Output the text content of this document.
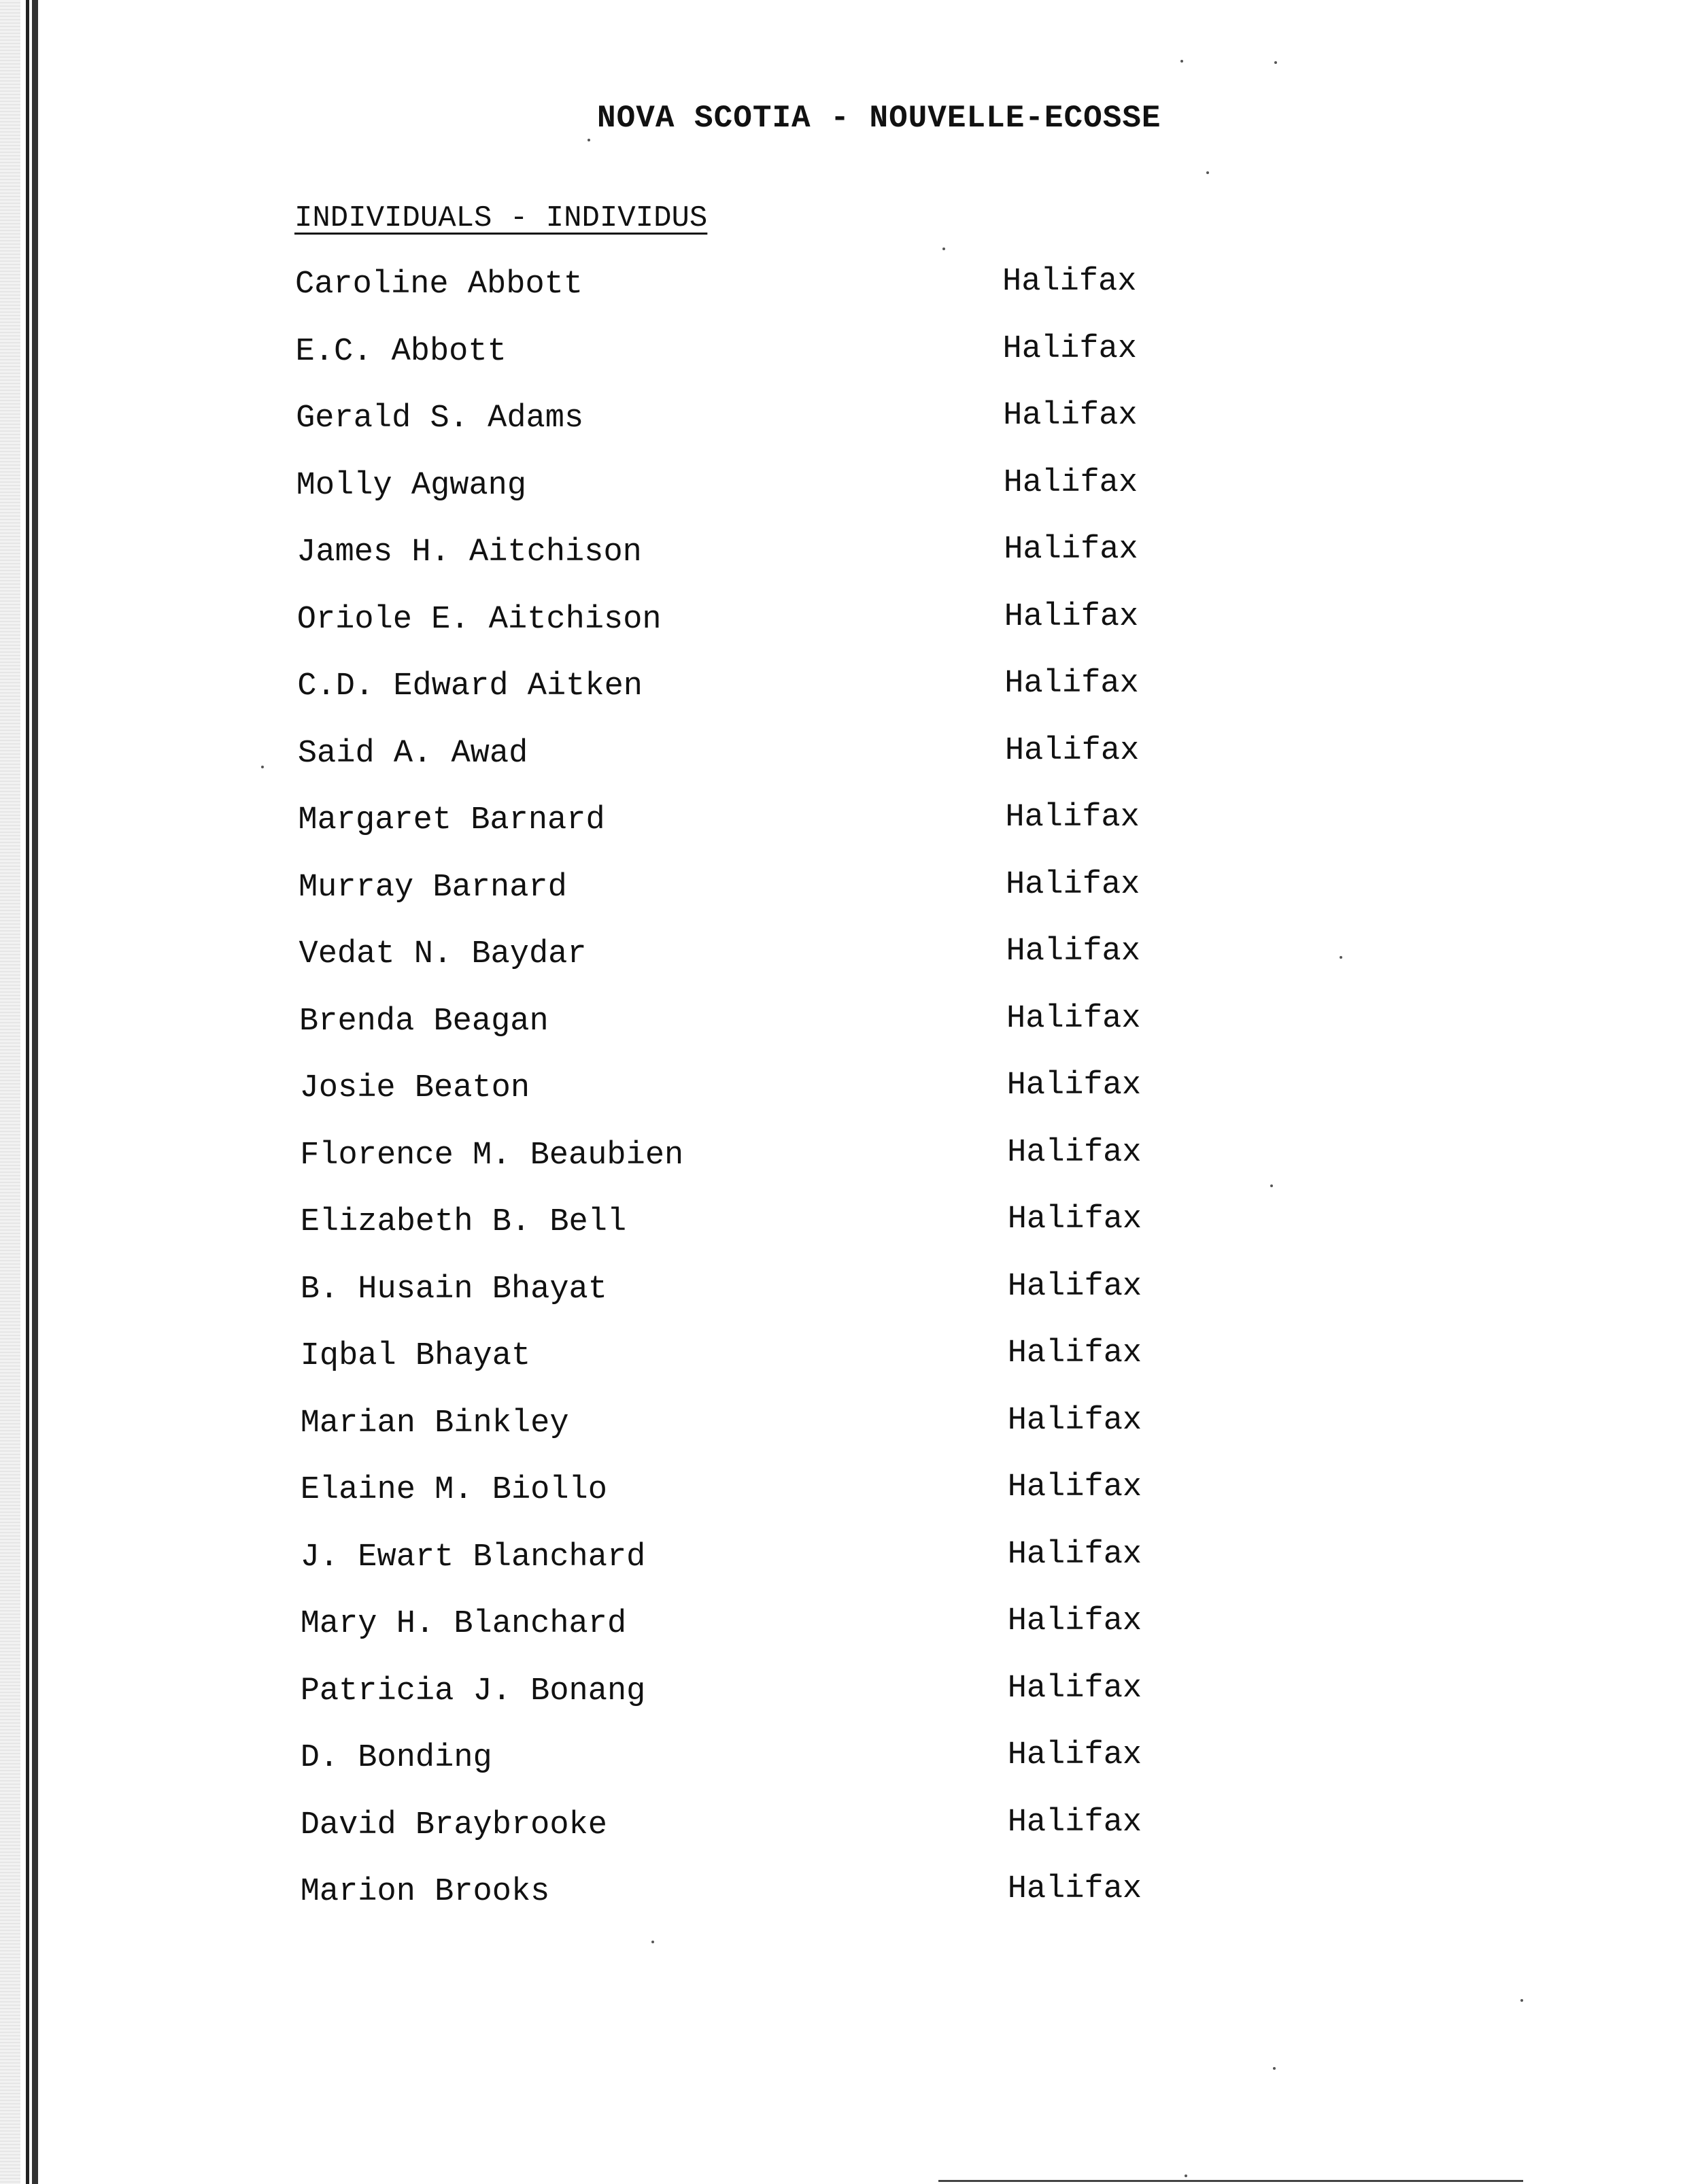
NOVA SCOTIA - NOUVELLE-ECOSSE
INDIVIDUALS - INDIVIDUS
Caroline Abbott	Halifax
E.C. Abbott	Halifax
Gerald S. Adams	Halifax
Molly Agwang	Halifax
James H. Aitchison	Halifax
Oriole E. Aitchison	Halifax
C.D. Edward Aitken	Halifax
Said A. Awad	Halifax
Margaret Barnard	Halifax
Murray Barnard	Halifax
Vedat N. Baydar	Halifax
Brenda Beagan	Halifax
Josie Beaton	Halifax
Florence M. Beaubien	Halifax
Elizabeth B. Bell	Halifax
B. Husain Bhayat	Halifax
Iqbal Bhayat	Halifax
Marian Binkley	Halifax
Elaine M. Biollo	Halifax
J. Ewart Blanchard	Halifax
Mary H. Blanchard	Halifax
Patricia J. Bonang	Halifax
D. Bonding	Halifax
David Braybrooke	Halifax
Marion Brooks	Halifax
